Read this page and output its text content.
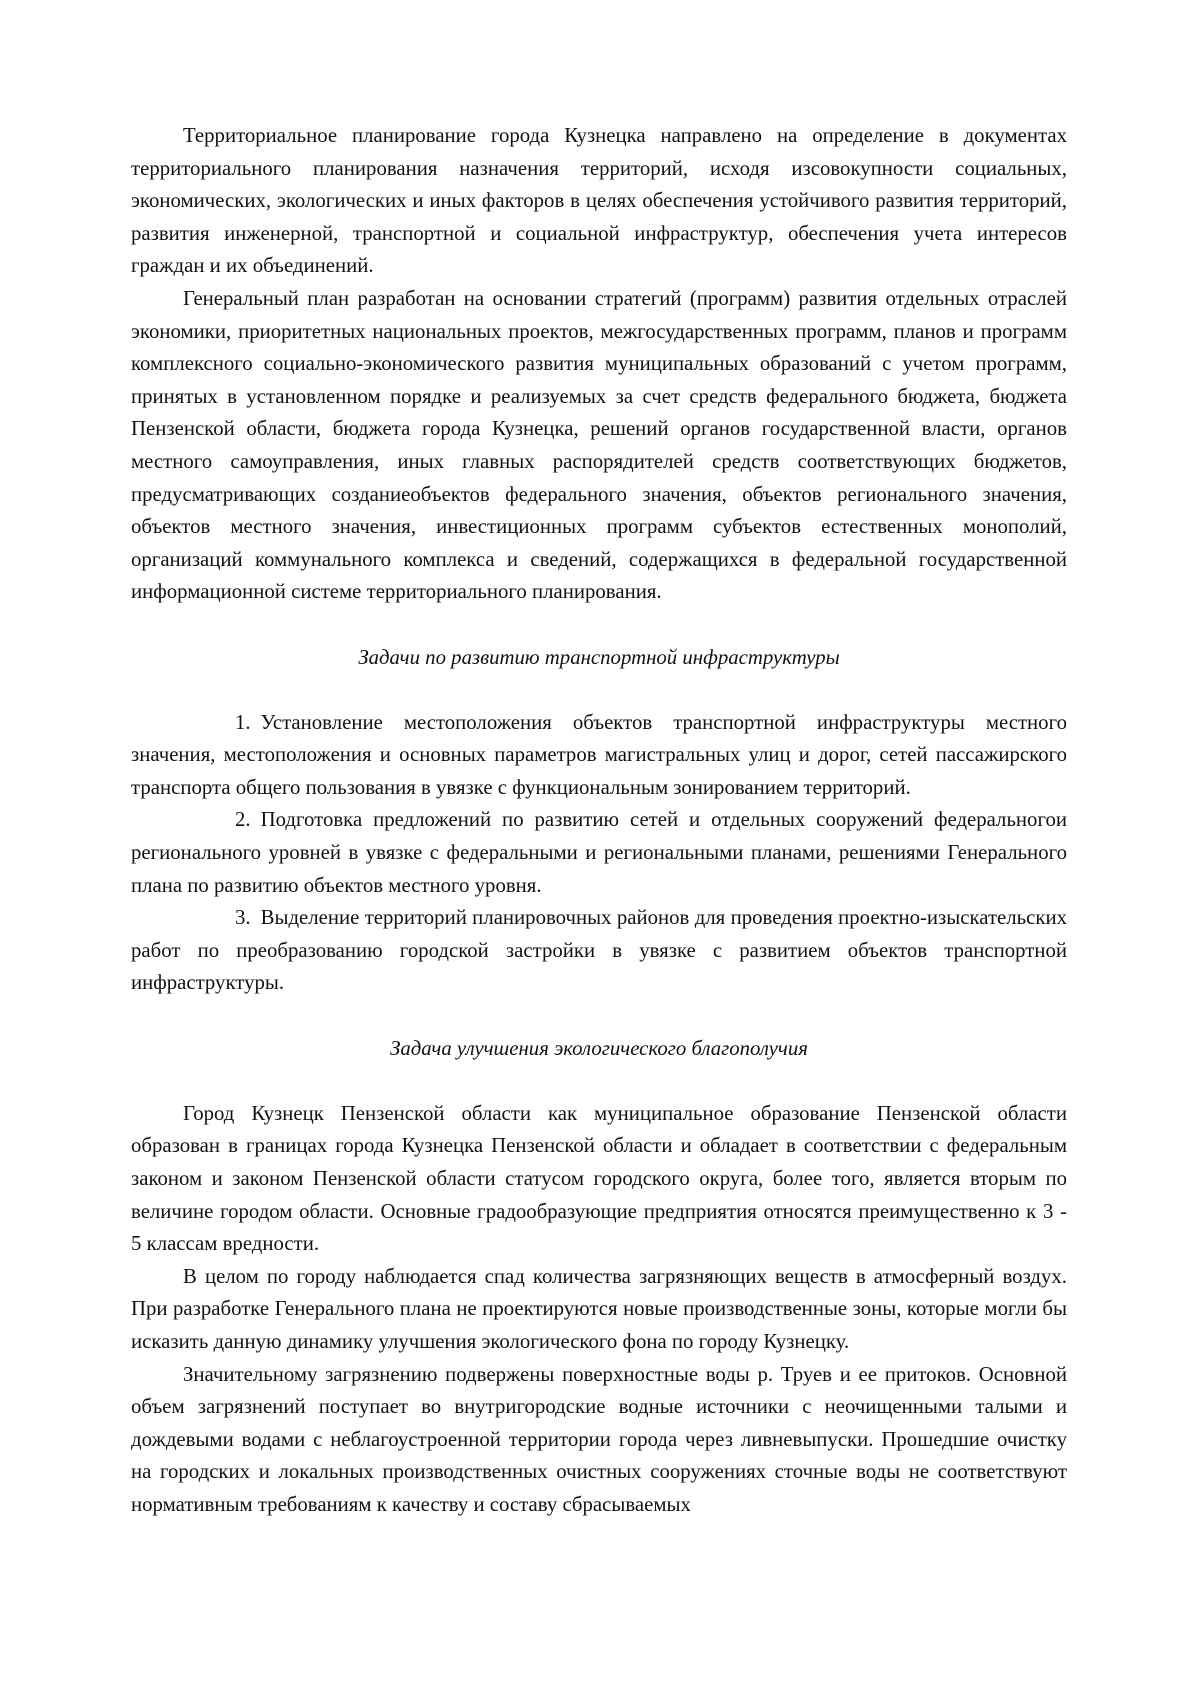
Территориальное планирование города Кузнецка направлено на определение в документах территориального планирования назначения территорий, исходя изсовокупности социальных, экономических, экологических и иных факторов в целях обеспечения устойчивого развития территорий, развития инженерной, транспортной и социальной инфраструктур, обеспечения учета интересов граждан и их объединений.

Генеральный план разработан на основании стратегий (программ) развития отдельных отраслей экономики, приоритетных национальных проектов, межгосударственных программ, планов и программ комплексного социально-экономического развития муниципальных образований с учетом программ, принятых в установленном порядке и реализуемых за счет средств федерального бюджета, бюджета Пензенской области, бюджета города Кузнецка, решений органов государственной власти, органов местного самоуправления, иных главных распорядителей средств соответствующих бюджетов, предусматривающих созданиеобъектов федерального значения, объектов регионального значения, объектов местного значения, инвестиционных программ субъектов естественных монополий, организаций коммунального комплекса и сведений, содержащихся в федеральной государственной информационной системе территориального планирования.

Задачи по развитию транспортной инфраструктуры

1. Установление местоположения объектов транспортной инфраструктуры местного значения, местоположения и основных параметров магистральных улиц и дорог, сетей пассажирского транспорта общего пользования в увязке с функциональным зонированием территорий.

2. Подготовка предложений по развитию сетей и отдельных сооружений федеральногои регионального уровней в увязке с федеральными и региональными планами, решениями Генерального плана по развитию объектов местного уровня.

3. Выделение территорий планировочных районов для проведения проектно-изыскательских работ по преобразованию городской застройки в увязке с развитием объектов транспортной инфраструктуры.

Задача улучшения экологического благополучия

Город Кузнецк Пензенской области как муниципальное образование Пензенской области образован в границах города Кузнецка Пензенской области и обладает в соответствии с федеральным законом и законом Пензенской области статусом городского округа, более того, является вторым по величине городом области. Основные градообразующие предприятия относятся преимущественно к 3 - 5 классам вредности.

В целом по городу наблюдается спад количества загрязняющих веществ в атмосферный воздух. При разработке Генерального плана не проектируются новые производственные зоны, которые могли бы исказить данную динамику улучшения экологического фона по городу Кузнецку.

Значительному загрязнению подвержены поверхностные воды р. Труев и ее притоков. Основной объем загрязнений поступает во внутригородские водные источники с неочищенными талыми и дождевыми водами с неблагоустроенной территории города через ливневыпуски. Прошедшие очистку на городских и локальных производственных очистных сооружениях сточные воды не соответствуют нормативным требованиям к качеству и составу сбрасываемых
